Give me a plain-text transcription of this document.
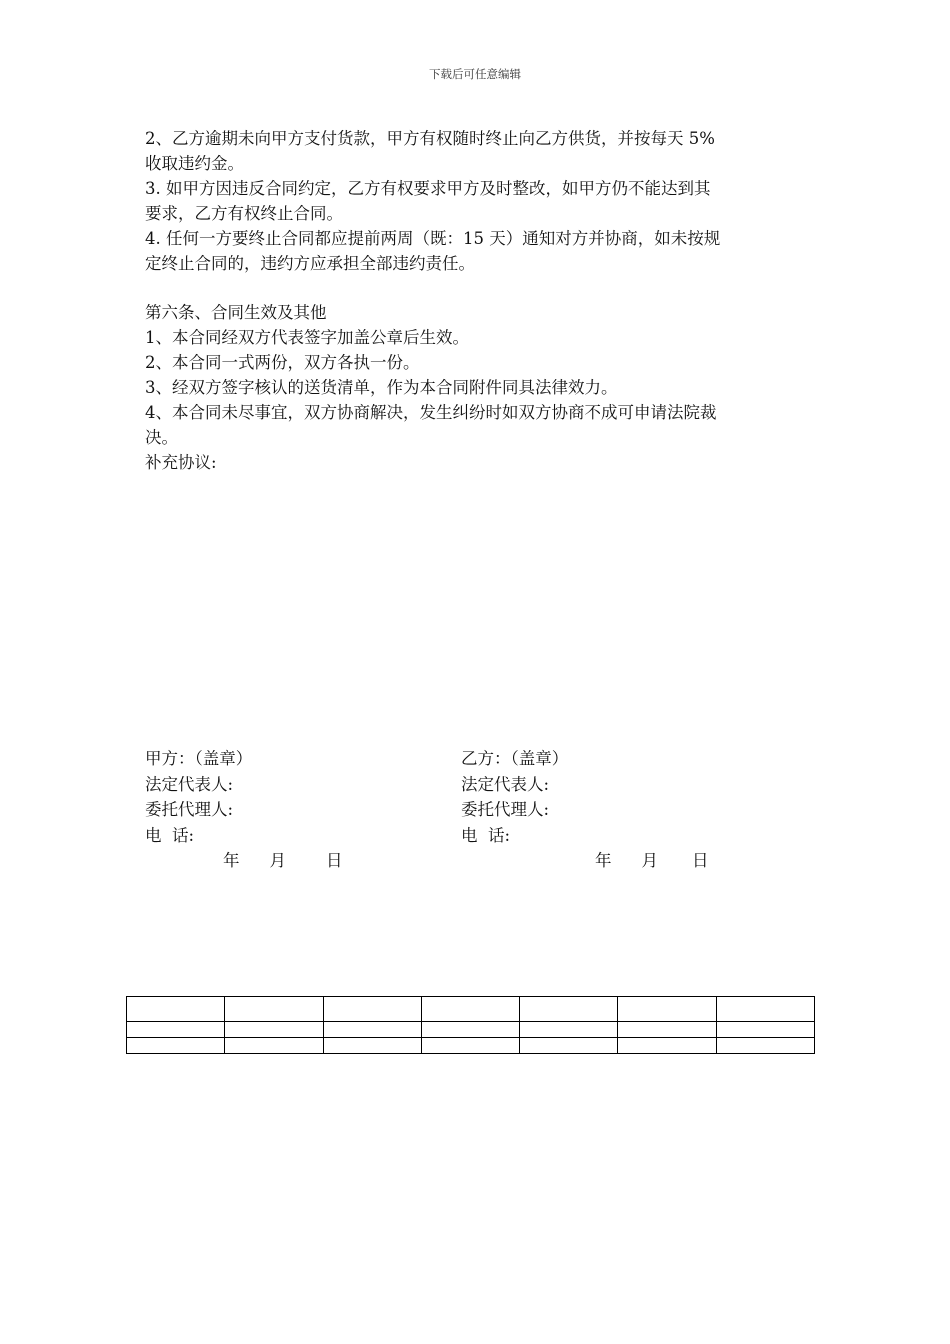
下载后可任意编辑

2、乙方逾期未向甲方支付货款，甲方有权随时终止向乙方供货，并按每天 5%

收取违约金。

3. 如甲方因违反合同约定，乙方有权要求甲方及时整改，如甲方仍不能达到其

要求，乙方有权终止合同。

4. 任何一方要终止合同都应提前两周（既：15 天）通知对方并协商，如未按规

定终止合同的，违约方应承担全部违约责任。

第六条、合同生效及其他

1、本合同经双方代表签字加盖公章后生效。

2、本合同一式两份，双方各执一份。

3、经双方签字核认的送货清单，作为本合同附件同具法律效力。

4、本合同未尽事宜，双方协商解决，发生纠纷时如双方协商不成可申请法院裁

决。

补充协议:

甲方：（盖章）

法定代表人:

委托代理人:

电  话:

年 月 日

乙方：（盖章）

法定代表人:

委托代理人:

电  话:

年 月 日
